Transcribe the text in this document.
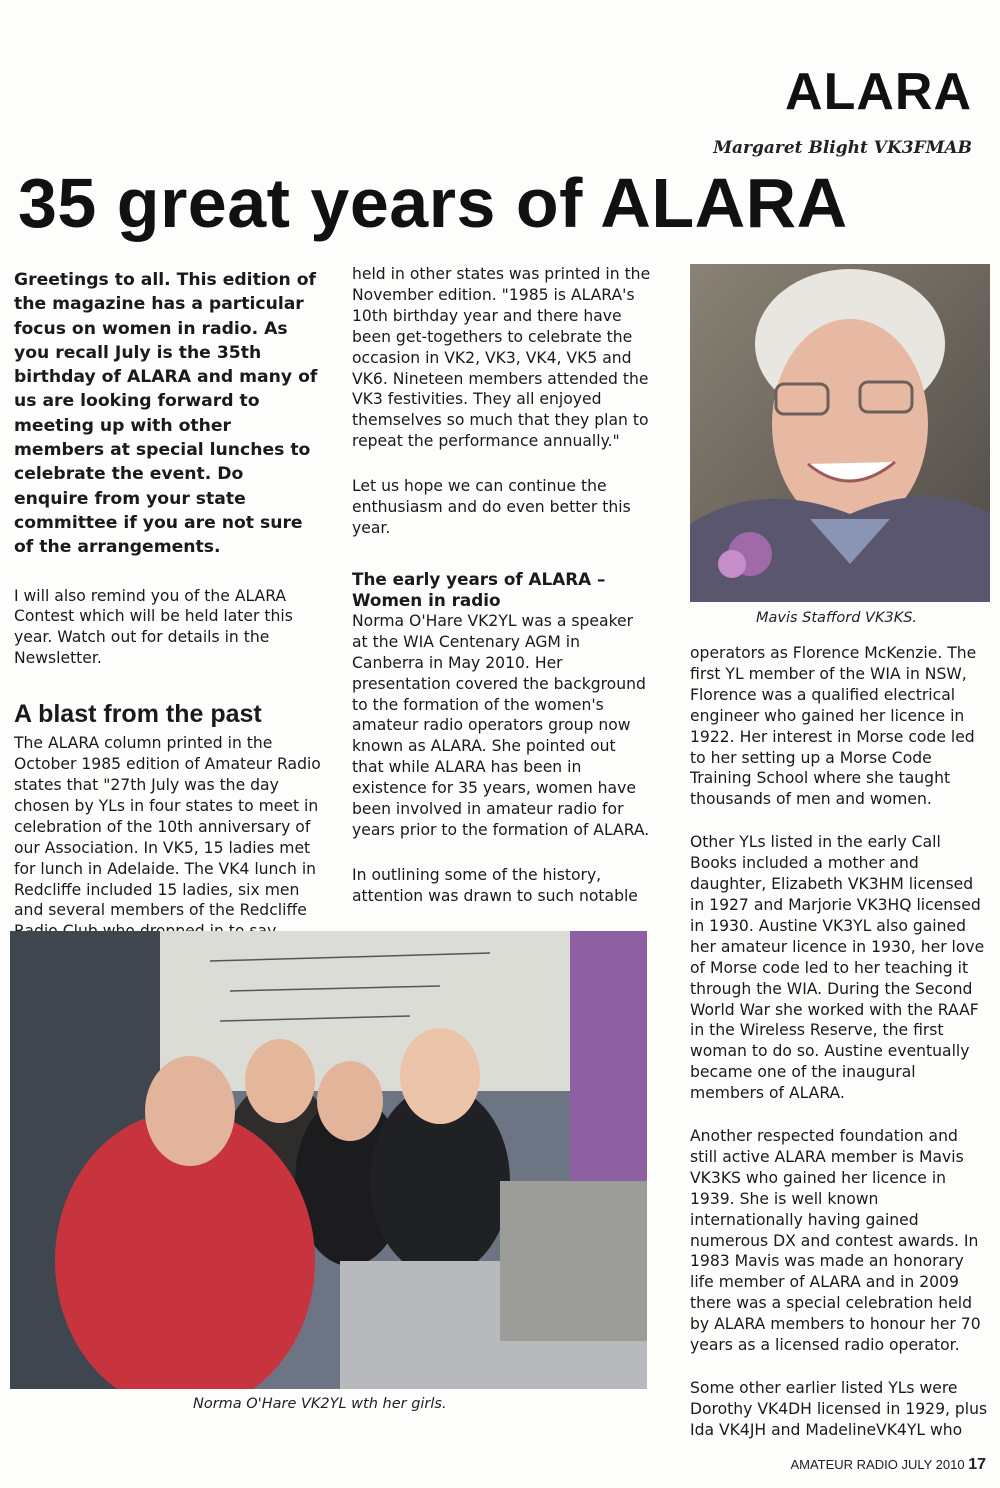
ALARA
Margaret Blight VK3FMAB
35 great years of ALARA

Greetings to all. This edition of the magazine has a particular focus on women in radio. As you recall July is the 35th birthday of ALARA and many of us are looking forward to meeting up with other members at special lunches to celebrate the event. Do enquire from your state committee if you are not sure of the arrangements.

I will also remind you of the ALARA Contest which will be held later this year. Watch out for details in the Newsletter.

A blast from the past

The ALARA column printed in the October 1985 edition of Amateur Radio states that "27th July was the day chosen by YLs in four states to meet in celebration of the 10th anniversary of our Association. In VK5, 15 ladies met for lunch in Adelaide. The VK4 lunch in Redcliffe included 15 ladies, six men and several members of the Redcliffe

held in other states was printed in the November edition. "1985 is ALARA's 10th birthday year and there have been get-togethers to celebrate the occasion in VK2, VK3, VK4, VK5 and VK6. Nineteen members attended the VK3 festivities. They all enjoyed themselves so much that they plan to repeat the performance annually."

Let us hope we can continue the enthusiasm and do even better this year.

The early years of ALARA – Women in radio

Norma O'Hare VK2YL was a speaker at the WIA Centenary AGM in Canberra in May 2010. Her presentation covered the background to the formation of the women's amateur radio operators group now known as ALARA. She pointed out that while ALARA has been in existence for 35 years, women have been involved in amateur radio for years prior to the formation of ALARA.

In outlining some of the history, attention was drawn to such notable

Mavis Stafford VK3KS.
Norma O'Hare VK2YL wth her girls.

operators as Florence McKenzie. The first YL member of the WIA in NSW, Florence was a qualified electrical engineer who gained her licence in 1922. Her interest in Morse code led to her setting up a Morse Code Training School where she taught thousands of men and women.

Other YLs listed in the early Call Books included a mother and daughter, Elizabeth VK3HM licensed in 1927 and Marjorie VK3HQ licensed in 1930. Austine VK3YL also gained her amateur licence in 1930, her love of Morse code led to her teaching it through the WIA. During the Second World War she worked with the RAAF in the Wireless Reserve, the first woman to do so. Austine eventually became one of the inaugural members of ALARA.

Another respected foundation and still active ALARA member is Mavis VK3KS who gained her licence in 1939. She is well known internationally having gained numerous DX and contest awards. In 1983 Mavis was made an honorary life member of ALARA and in 2009 there was a special celebration held by ALARA members to honour her 70 years as a licensed radio operator.

Some other earlier listed YLs were Dorothy VK4DH licensed in 1929, plus Ida VK4JH and MadelineVK4YL who

AMATEUR RADIO JULY 2010 17
